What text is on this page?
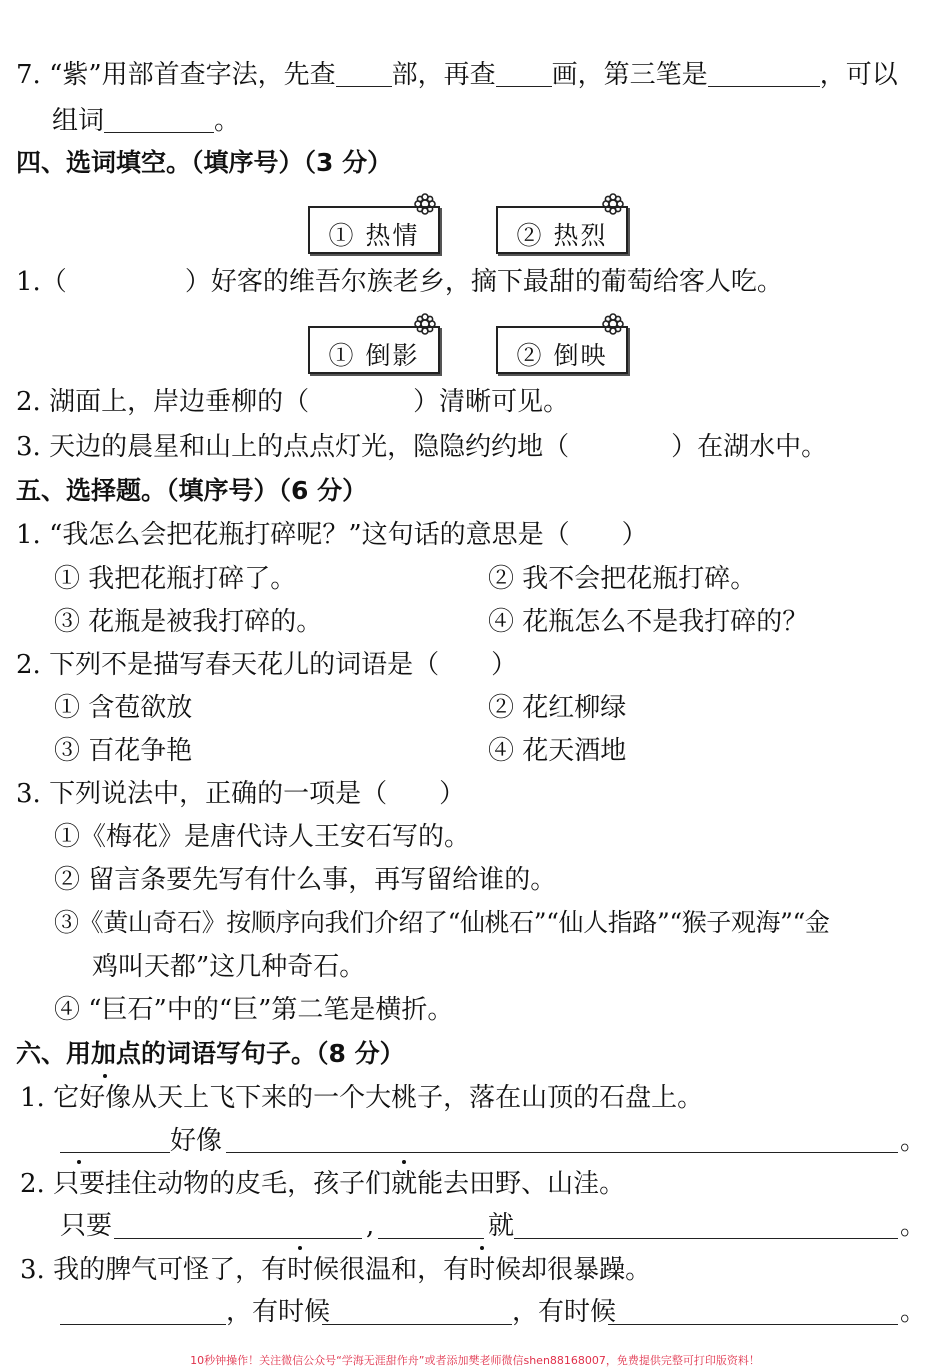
7. “紫”用部首查字法，先查 部，再查 画，第三笔是	，可以
组词	。
四、选词填空。（填序号）（3 分）
① 热情	② 热烈
1.（	）好客的维吾尔族老乡，摘下最甜的葡萄给客人吃。
① 倒影	② 倒映
2. 湖面上，岸边垂柳的（	）清晰可见。
3. 天边的晨星和山上的点点灯光，隐隐约约地（	）在湖水中。
五、选择题。（填序号）（6 分）
1. “我怎么会把花瓶打碎呢？”这句话的意思是（　　）
① 我把花瓶打碎了。	② 我不会把花瓶打碎。
③ 花瓶是被我打碎的。	④ 花瓶怎么不是我打碎的？
2. 下列不是描写春天花儿的词语是（　　）
① 含苞欲放	② 花红柳绿
③ 百花争艳	④ 花天酒地
3. 下列说法中，正确的一项是（　　）
①《梅花》是唐代诗人王安石写的。
② 留言条要先写有什么事，再写留给谁的。
③《黄山奇石》按顺序向我们介绍了“仙桃石”“仙人指路”“猴子观海”“金
鸡叫天都”这几种奇石。
④ “巨石”中的“巨”第二笔是横折。
六、用加点的词语写句子。（8 分）
1. 它好像从天上飞下来的一个大桃子，落在山顶的石盘上。
好像	。
2. 只要挂住动物的皮毛，孩子们就能去田野、山洼。
只要	,	就	。
3. 我的脾气可怪了，有时候很温和，有时候却很暴躁。
，有时候	，有时候	。
10秒钟操作！关注微信公众号“学海无涯甜作舟”或者添加樊老师微信shen88168007，免费提供完整可打印版资料！
